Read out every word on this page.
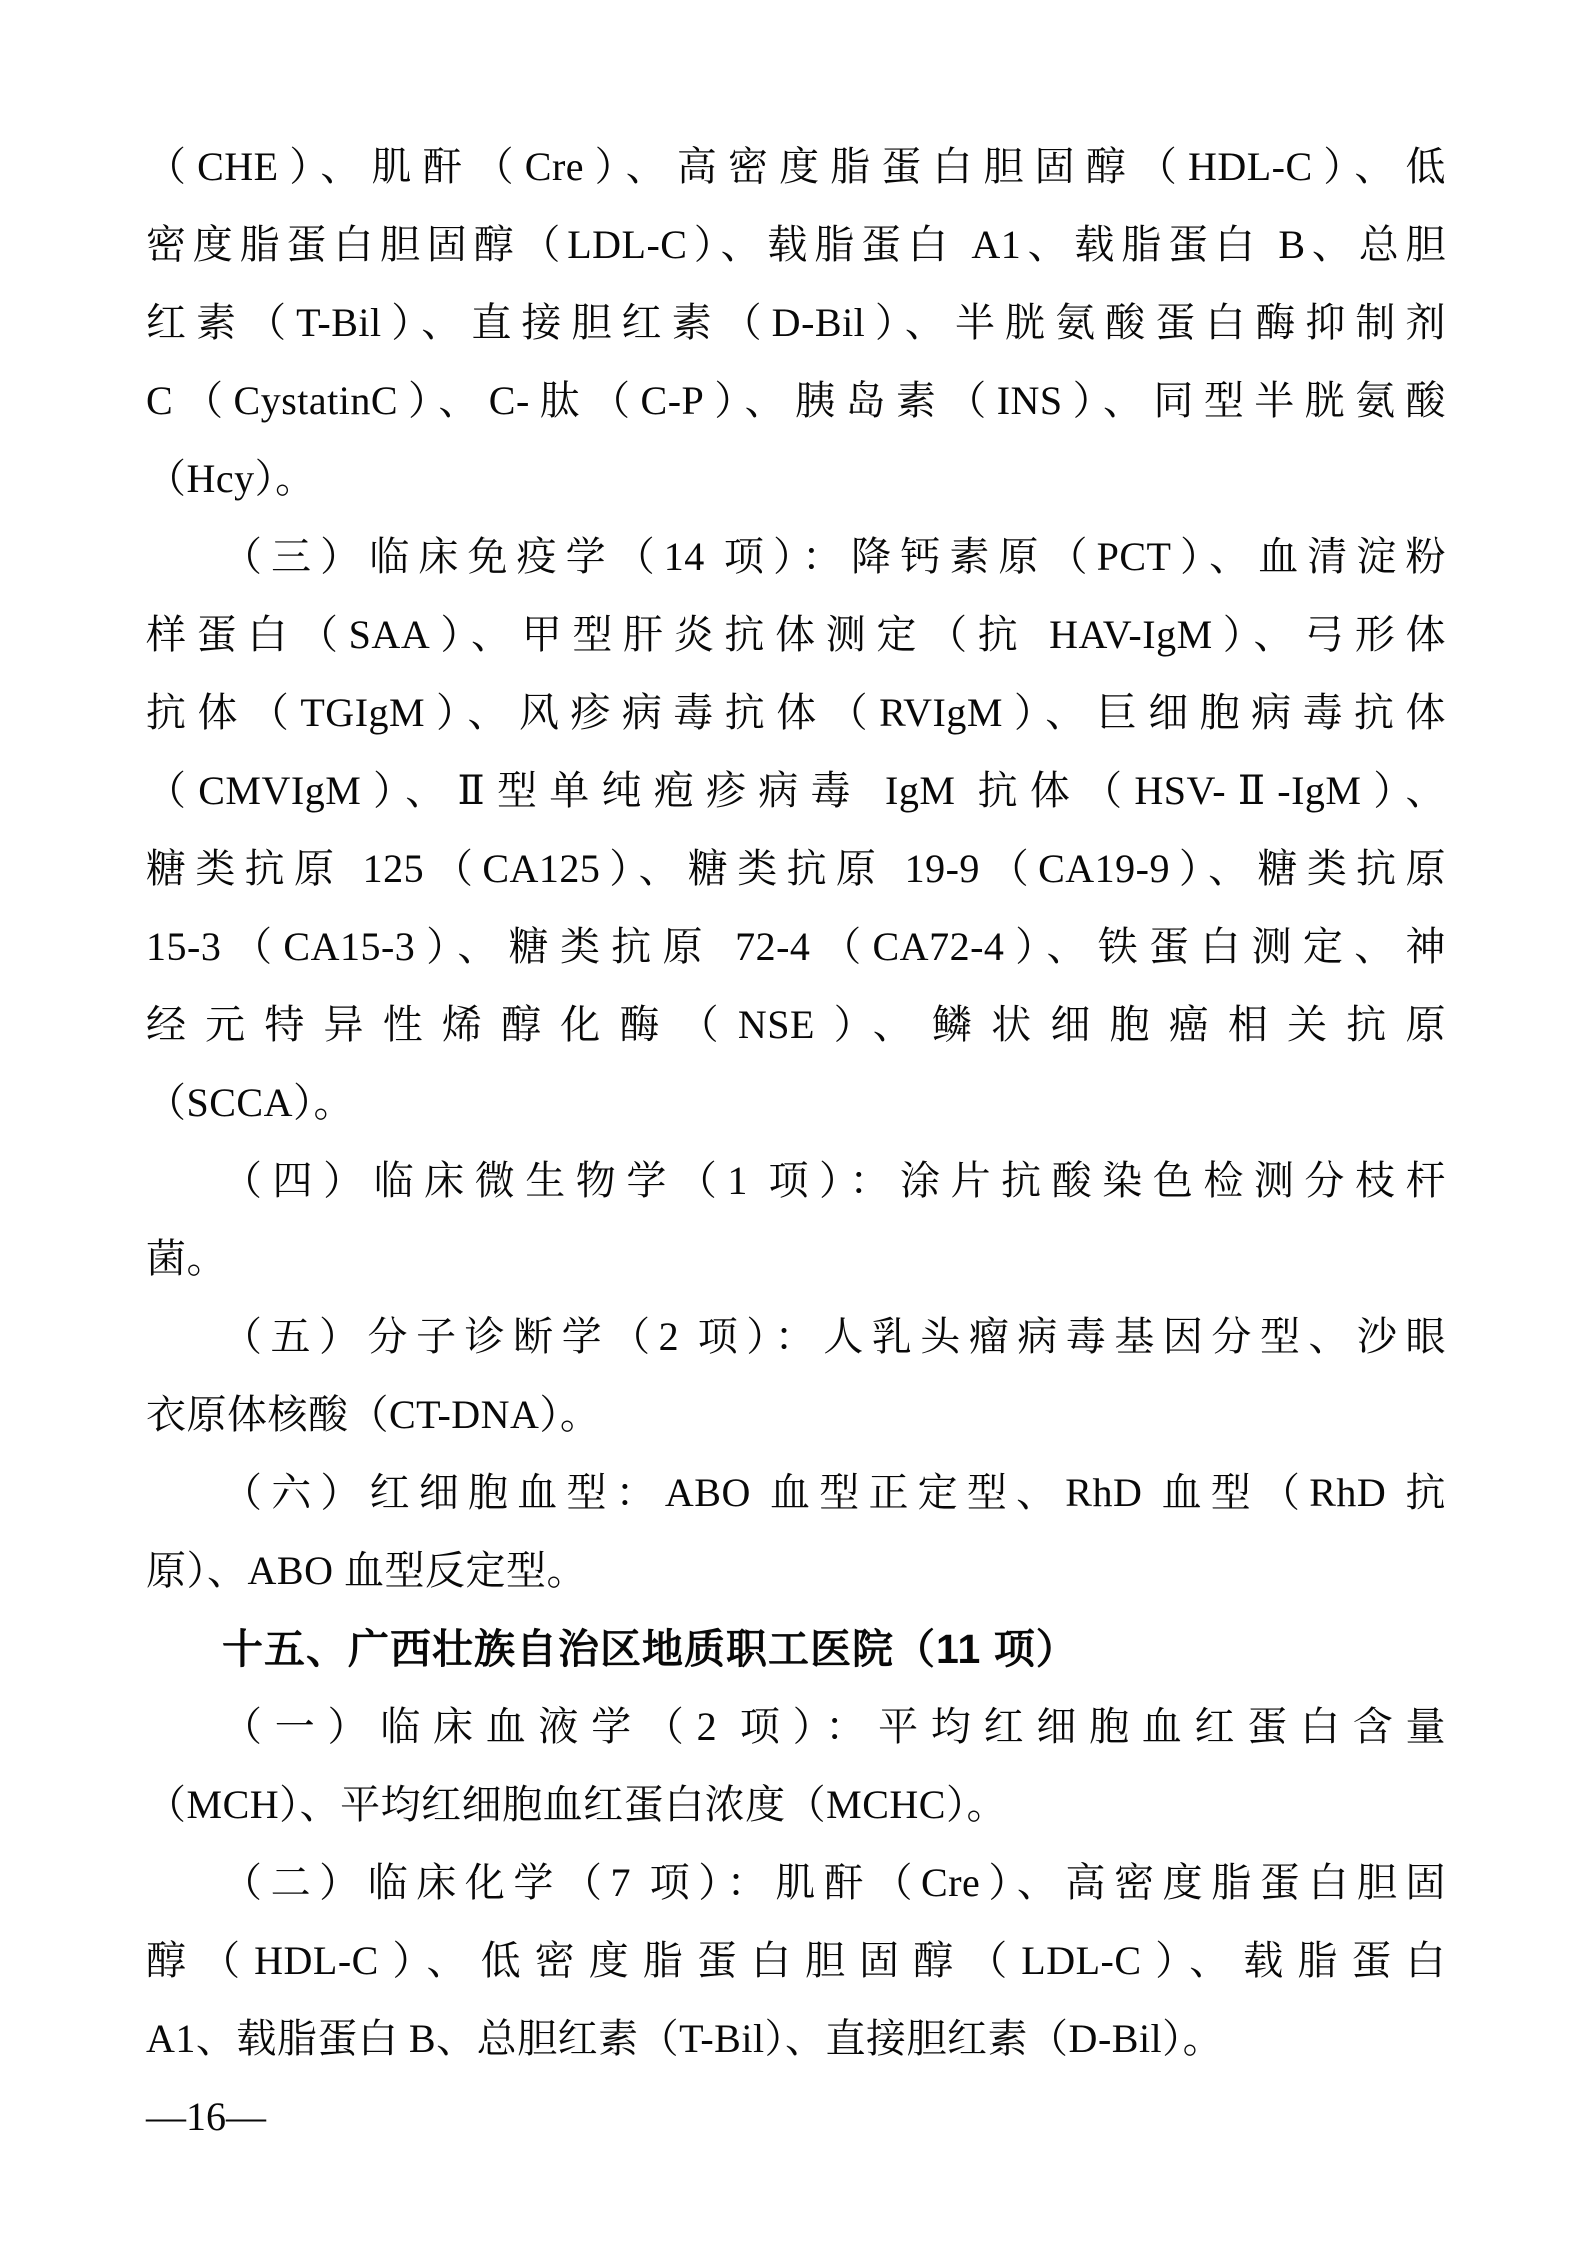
（CHE）、肌酐（Cre）、高密度脂蛋白胆固醇（HDL-C）、低
密度脂蛋白胆固醇（LDL-C）、载脂蛋白 A1、载脂蛋白 B、总胆
红素（T-Bil）、直接胆红素（D-Bil）、半胱氨酸蛋白酶抑制剂
C（CystatinC）、C-肽（C-P）、胰岛素（INS）、同型半胱氨酸
（Hcy）。
（三）临床免疫学（14 项）：降钙素原（PCT）、血清淀粉
样蛋白（SAA）、甲型肝炎抗体测定（抗 HAV-IgM）、弓形体
抗体（TGIgM）、风疹病毒抗体（RVIgM）、巨细胞病毒抗体
（CMVIgM）、Ⅱ型单纯疱疹病毒 IgM 抗体（HSV-Ⅱ-IgM）、
糖类抗原 125（CA125）、糖类抗原 19-9（CA19-9）、糖类抗原
15-3（CA15-3）、糖类抗原 72-4（CA72-4）、铁蛋白测定、神
经元特异性烯醇化酶（NSE）、鳞状细胞癌相关抗原
（SCCA）。
（四）临床微生物学（1 项）：涂片抗酸染色检测分枝杆
菌。
（五）分子诊断学（2 项）：人乳头瘤病毒基因分型、沙眼
衣原体核酸（CT-DNA）。
（六）红细胞血型：ABO 血型正定型、RhD 血型（RhD 抗
原）、ABO 血型反定型。
十五、广西壮族自治区地质职工医院（11 项）
（一）临床血液学（2 项）：平均红细胞血红蛋白含量
（MCH）、平均红细胞血红蛋白浓度（MCHC）。
（二）临床化学（7 项）：肌酐（Cre）、高密度脂蛋白胆固
醇（HDL-C）、低密度脂蛋白胆固醇（LDL-C）、载脂蛋白
A1、载脂蛋白 B、总胆红素（T-Bil）、直接胆红素（D-Bil）。
—16—
